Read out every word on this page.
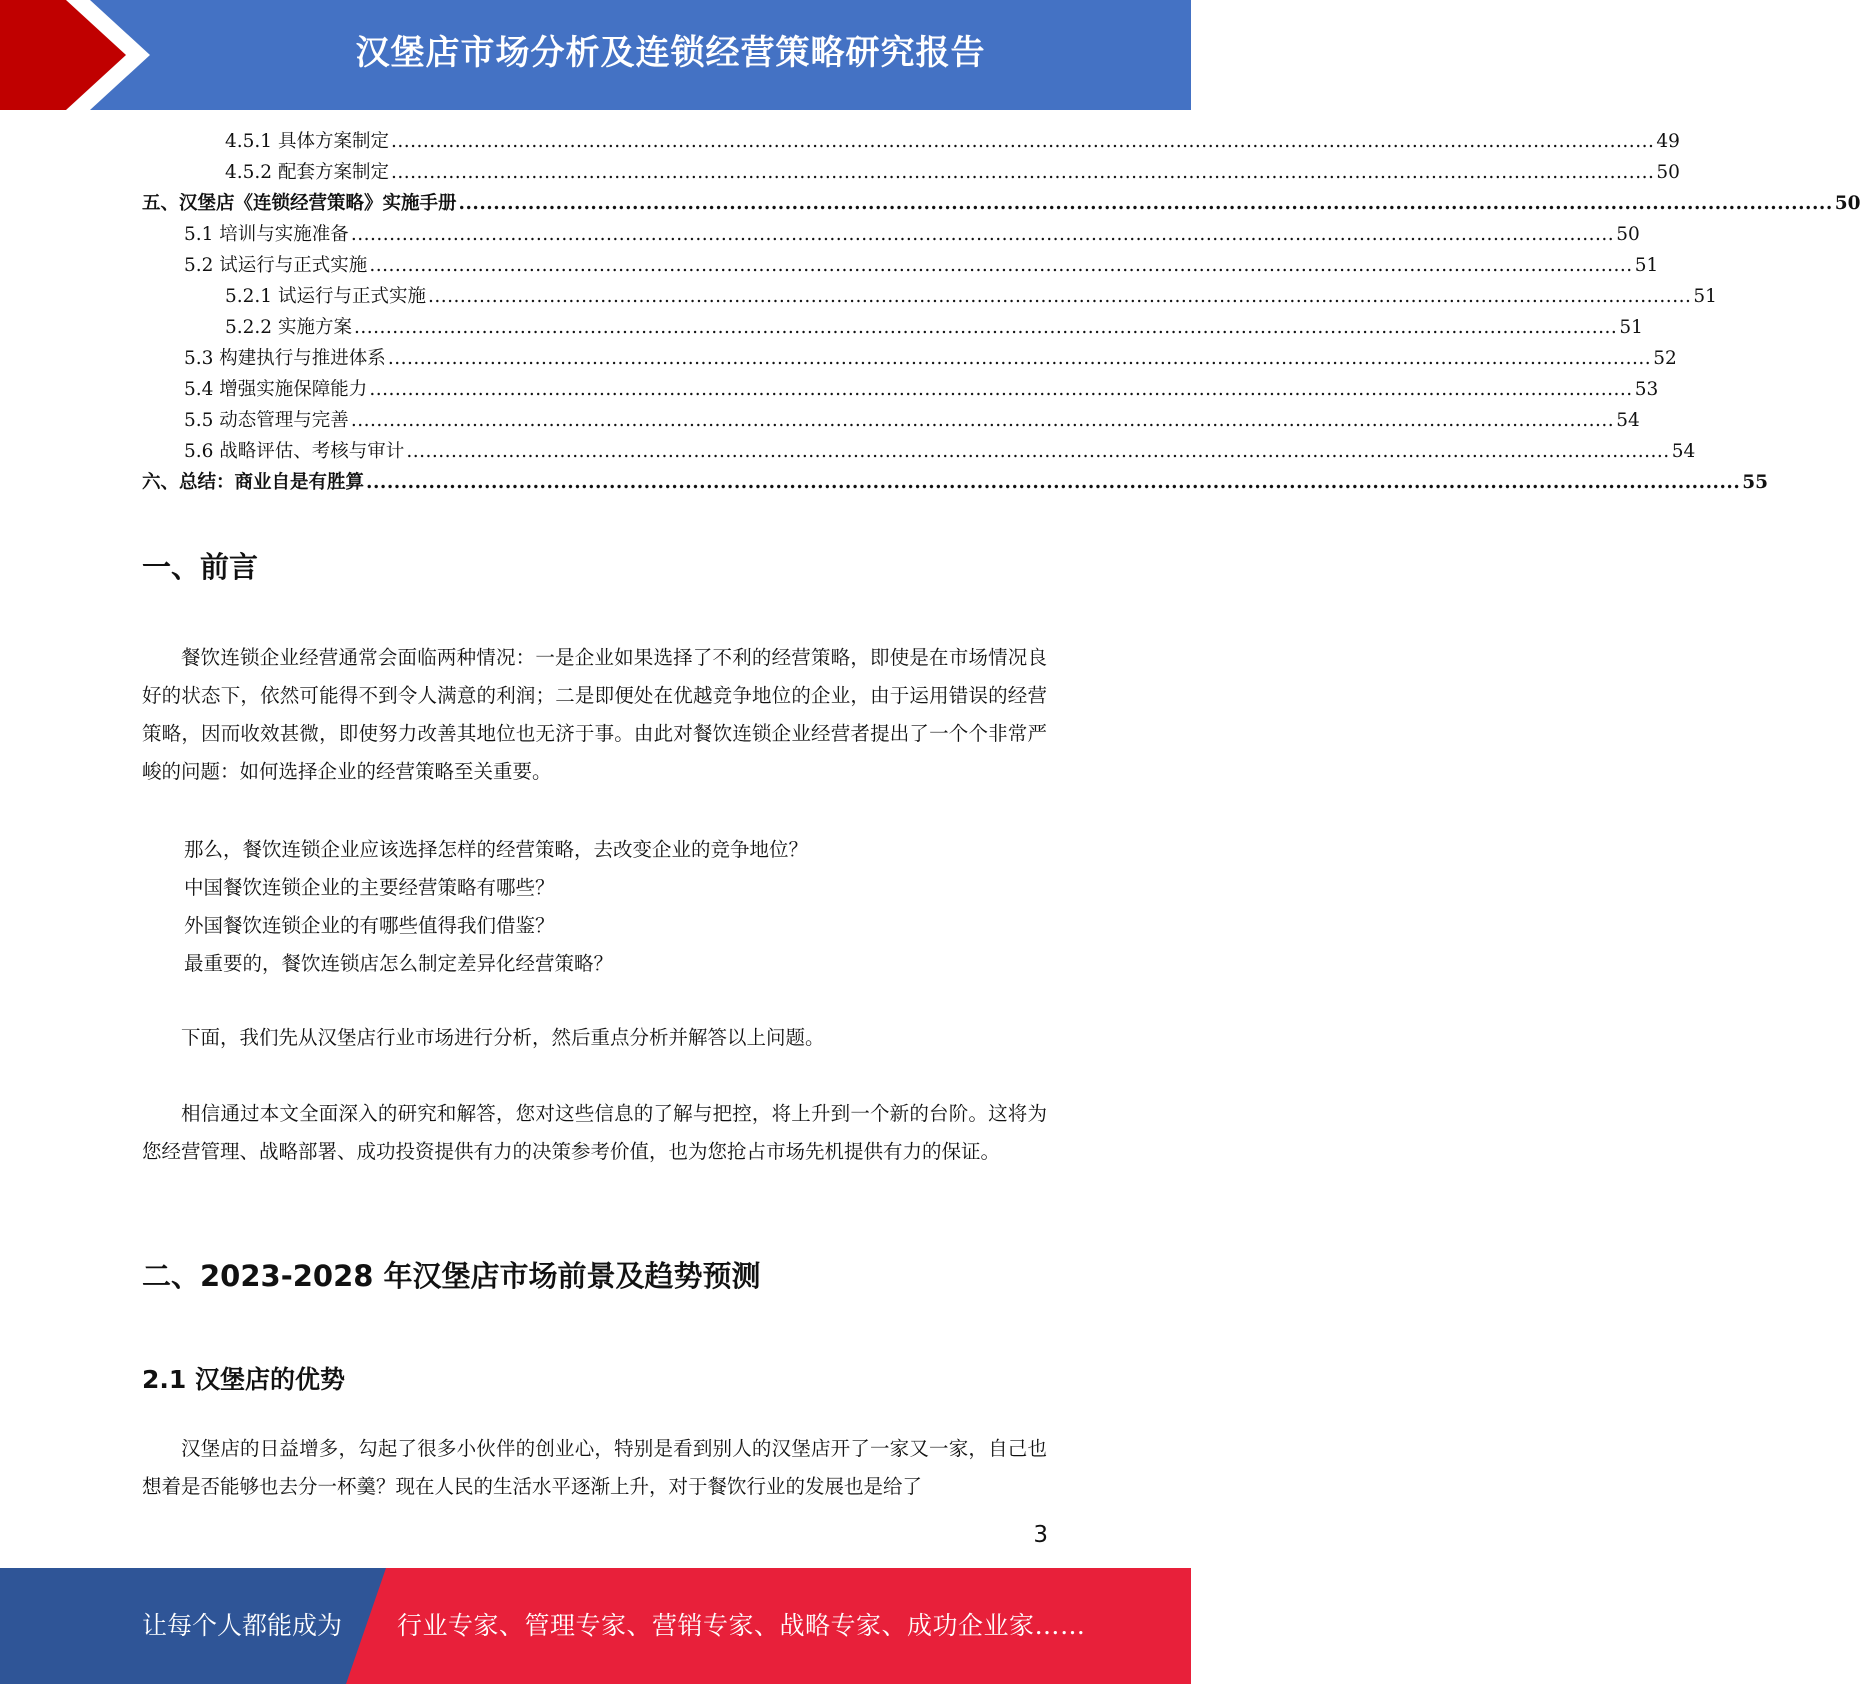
汉堡店市场分析及连锁经营策略研究报告
4.5.1 具体方案制定 ...................................................................................................................................................................................................... 49
4.5.2 配套方案制定 ...................................................................................................................................................................................................... 50
五、汉堡店《连锁经营策略》实施手册 ...................................................................................................................................................................................................... 50
5.1 培训与实施准备 ...................................................................................................................................................................................................... 50
5.2 试运行与正式实施 ...................................................................................................................................................................................................... 51
5.2.1 试运行与正式实施 ...................................................................................................................................................................................................... 51
5.2.2 实施方案 ...................................................................................................................................................................................................... 51
5.3 构建执行与推进体系 ...................................................................................................................................................................................................... 52
5.4 增强实施保障能力 ...................................................................................................................................................................................................... 53
5.5 动态管理与完善 ...................................................................................................................................................................................................... 54
5.6 战略评估、考核与审计 ...................................................................................................................................................................................................... 54
六、总结：商业自是有胜算 ...................................................................................................................................................................................................... 55
一、前言

餐饮连锁企业经营通常会面临两种情况：一是企业如果选择了不利的经营策略，即使是在市场情况良好的状态下，依然可能得不到令人满意的利润；二是即便处在优越竞争地位的企业，由于运用错误的经营策略，因而收效甚微，即使努力改善其地位也无济于事。由此对餐饮连锁企业经营者提出了一个个非常严峻的问题：如何选择企业的经营策略至关重要。

那么，餐饮连锁企业应该选择怎样的经营策略，去改变企业的竞争地位？

中国餐饮连锁企业的主要经营策略有哪些？

外国餐饮连锁企业的有哪些值得我们借鉴？

最重要的，餐饮连锁店怎么制定差异化经营策略？

下面，我们先从汉堡店行业市场进行分析，然后重点分析并解答以上问题。

相信通过本文全面深入的研究和解答，您对这些信息的了解与把控，将上升到一个新的台阶。这将为您经营管理、战略部署、成功投资提供有力的决策参考价值，也为您抢占市场先机提供有力的保证。

二、2023-2028 年汉堡店市场前景及趋势预测
2.1 汉堡店的优势

汉堡店的日益增多，勾起了很多小伙伴的创业心，特别是看到别人的汉堡店开了一家又一家，自己也想着是否能够也去分一杯羹？现在人民的生活水平逐渐上升，对于餐饮行业的发展也是给了

3
让每个人都能成为 行业专家、管理专家、营销专家、战略专家、成功企业家……
